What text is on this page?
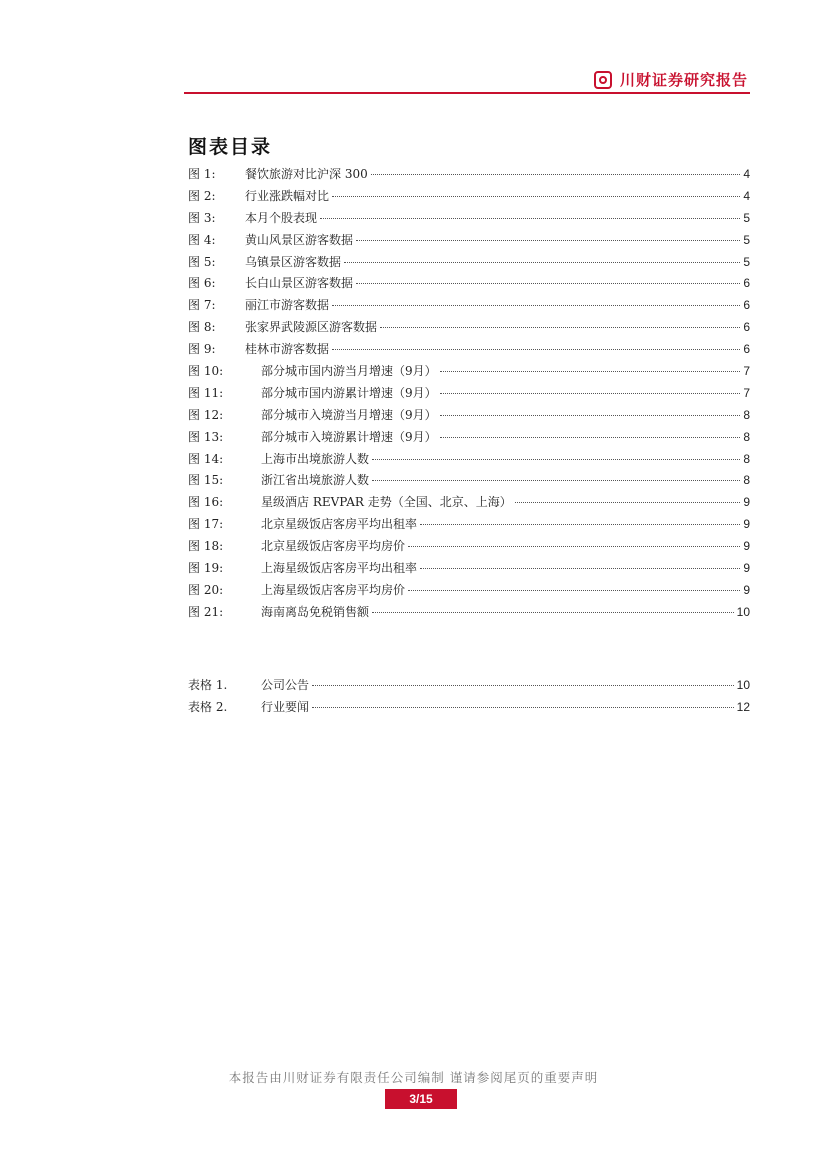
川财证券研究报告
图表目录
图 1:	餐饮旅游对比沪深 300	4
图 2:	行业涨跌幅对比	4
图 3:	本月个股表现	5
图 4:	黄山风景区游客数据	5
图 5:	乌镇景区游客数据	5
图 6:	长白山景区游客数据	6
图 7:	丽江市游客数据	6
图 8:	张家界武陵源区游客数据	6
图 9:	桂林市游客数据	6
图 10:	部分城市国内游当月增速（9月）	7
图 11:	部分城市国内游累计增速（9月）	7
图 12:	部分城市入境游当月增速（9月）	8
图 13:	部分城市入境游累计增速（9月）	8
图 14:	上海市出境旅游人数	8
图 15:	浙江省出境旅游人数	8
图 16:	星级酒店 REVPAR 走势（全国、北京、上海）	9
图 17:	北京星级饭店客房平均出租率	9
图 18:	北京星级饭店客房平均房价	9
图 19:	上海星级饭店客房平均出租率	9
图 20:	上海星级饭店客房平均房价	9
图 21:	海南离岛免税销售额	10
表格 1.	公司公告	10
表格 2.	行业要闻	12
本报告由川财证券有限责任公司编制 谨请参阅尾页的重要声明
3/15
